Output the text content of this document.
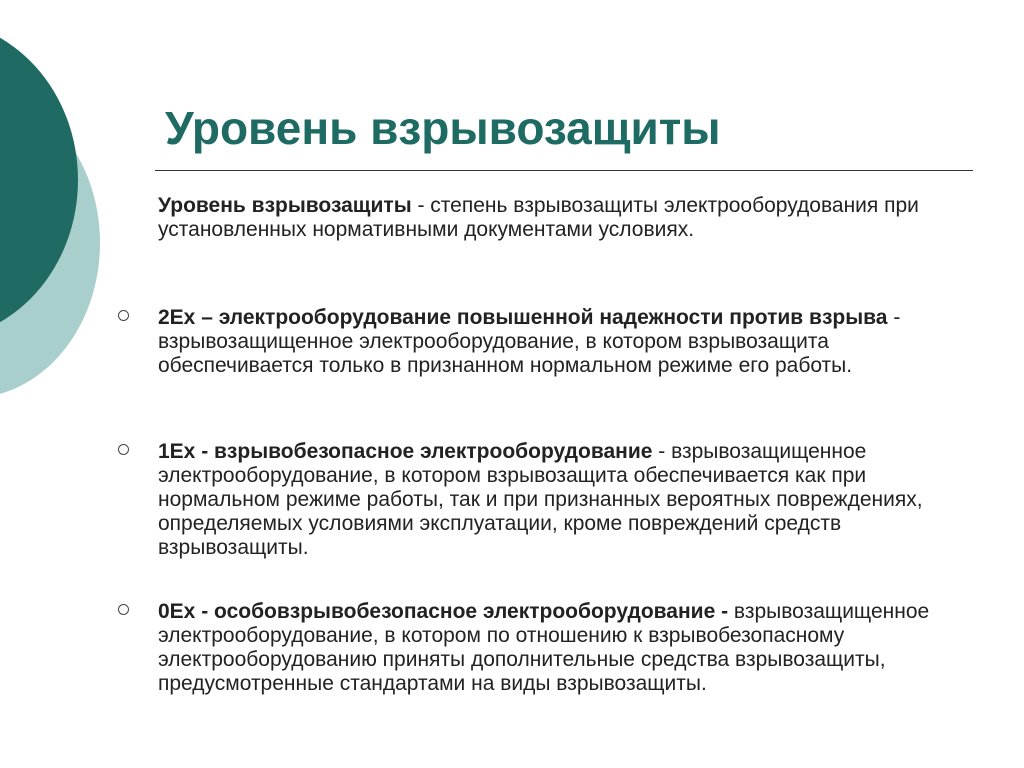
Уровень взрывозащиты

Уровень взрывозащиты - степень взрывозащиты электрооборудования при установленных нормативными документами условиях.

2Ex – электрооборудование повышенной надежности против взрыва - взрывозащищенное электрооборудование, в котором взрывозащита обеспечивается только в признанном нормальном режиме его работы.

1Ex - взрывобезопасное электрооборудование - взрывозащищенное электрооборудование, в котором взрывозащита обеспечивается как при нормальном режиме работы, так и при признанных вероятных повреждениях, определяемых условиями эксплуатации, кроме повреждений средств взрывозащиты.

0Ex - особовзрывобезопасное электрооборудование - взрывозащищенное электрооборудование, в котором по отношению к взрывобезопасному электрооборудованию приняты дополнительные средства взрывозащиты, предусмотренные стандартами на виды взрывозащиты.
